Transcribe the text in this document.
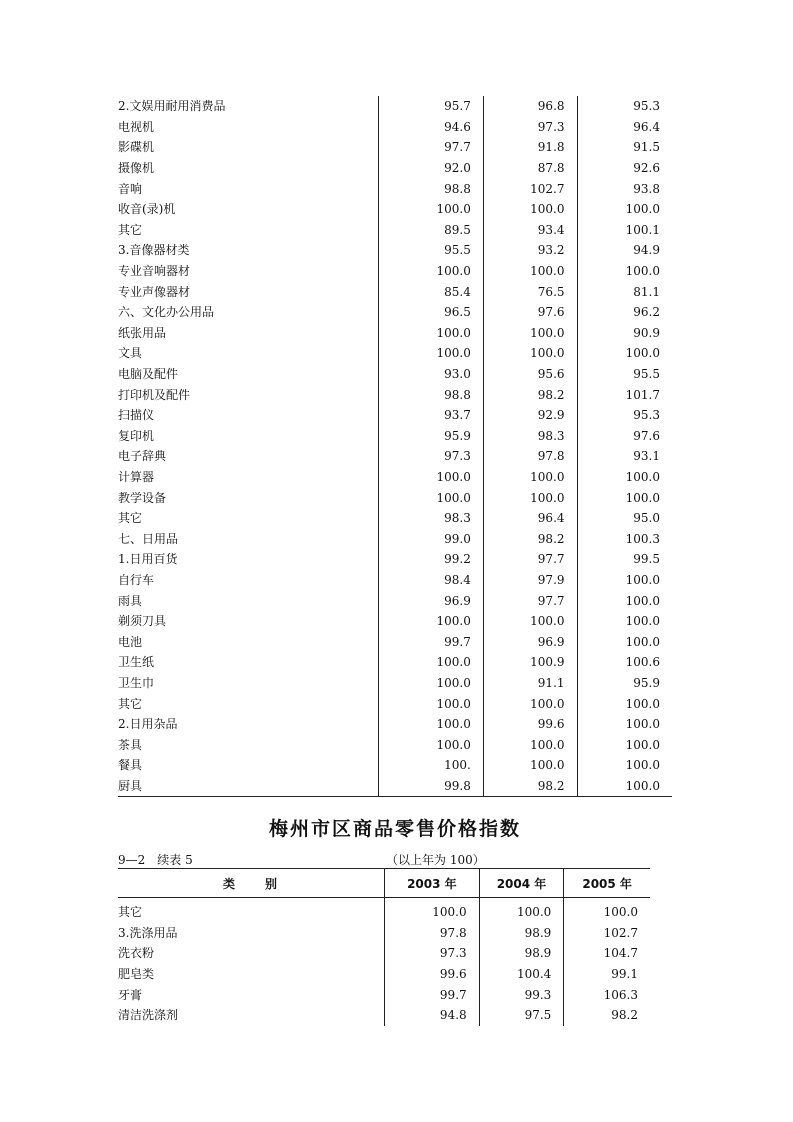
2.文娱用耐用消费品	95.7	96.8	95.3
电视机	94.6	97.3	96.4
影碟机	97.7	91.8	91.5
摄像机	92.0	87.8	92.6
音响	98.8	102.7	93.8
收音(录)机	100.0	100.0	100.0
其它	89.5	93.4	100.1
3.音像器材类	95.5	93.2	94.9
专业音响器材	100.0	100.0	100.0
专业声像器材	85.4	76.5	81.1
六、文化办公用品	96.5	97.6	96.2
纸张用品	100.0	100.0	90.9
文具	100.0	100.0	100.0
电脑及配件	93.0	95.6	95.5
打印机及配件	98.8	98.2	101.7
扫描仪	93.7	92.9	95.3
复印机	95.9	98.3	97.6
电子辞典	97.3	97.8	93.1
计算器	100.0	100.0	100.0
教学设备	100.0	100.0	100.0
其它	98.3	96.4	95.0
七、日用品	99.0	98.2	100.3
1.日用百货	99.2	97.7	99.5
自行车	98.4	97.9	100.0
雨具	96.9	97.7	100.0
剃须刀具	100.0	100.0	100.0
电池	99.7	96.9	100.0
卫生纸	100.0	100.9	100.6
卫生巾	100.0	91.1	95.9
其它	100.0	100.0	100.0
2.日用杂品	100.0	99.6	100.0
茶具	100.0	100.0	100.0
餐具	100.	100.0	100.0
厨具	99.8	98.2	100.0
梅州市区商品零售价格指数
9—2　续表 5	（以上年为 100）
类　　别	2003 年	2004 年	2005 年
其它	100.0	100.0	100.0
3.洗涤用品	97.8	98.9	102.7
洗衣粉	97.3	98.9	104.7
肥皂类	99.6	100.4	99.1
牙膏	99.7	99.3	106.3
清洁洗涤剂	94.8	97.5	98.2
